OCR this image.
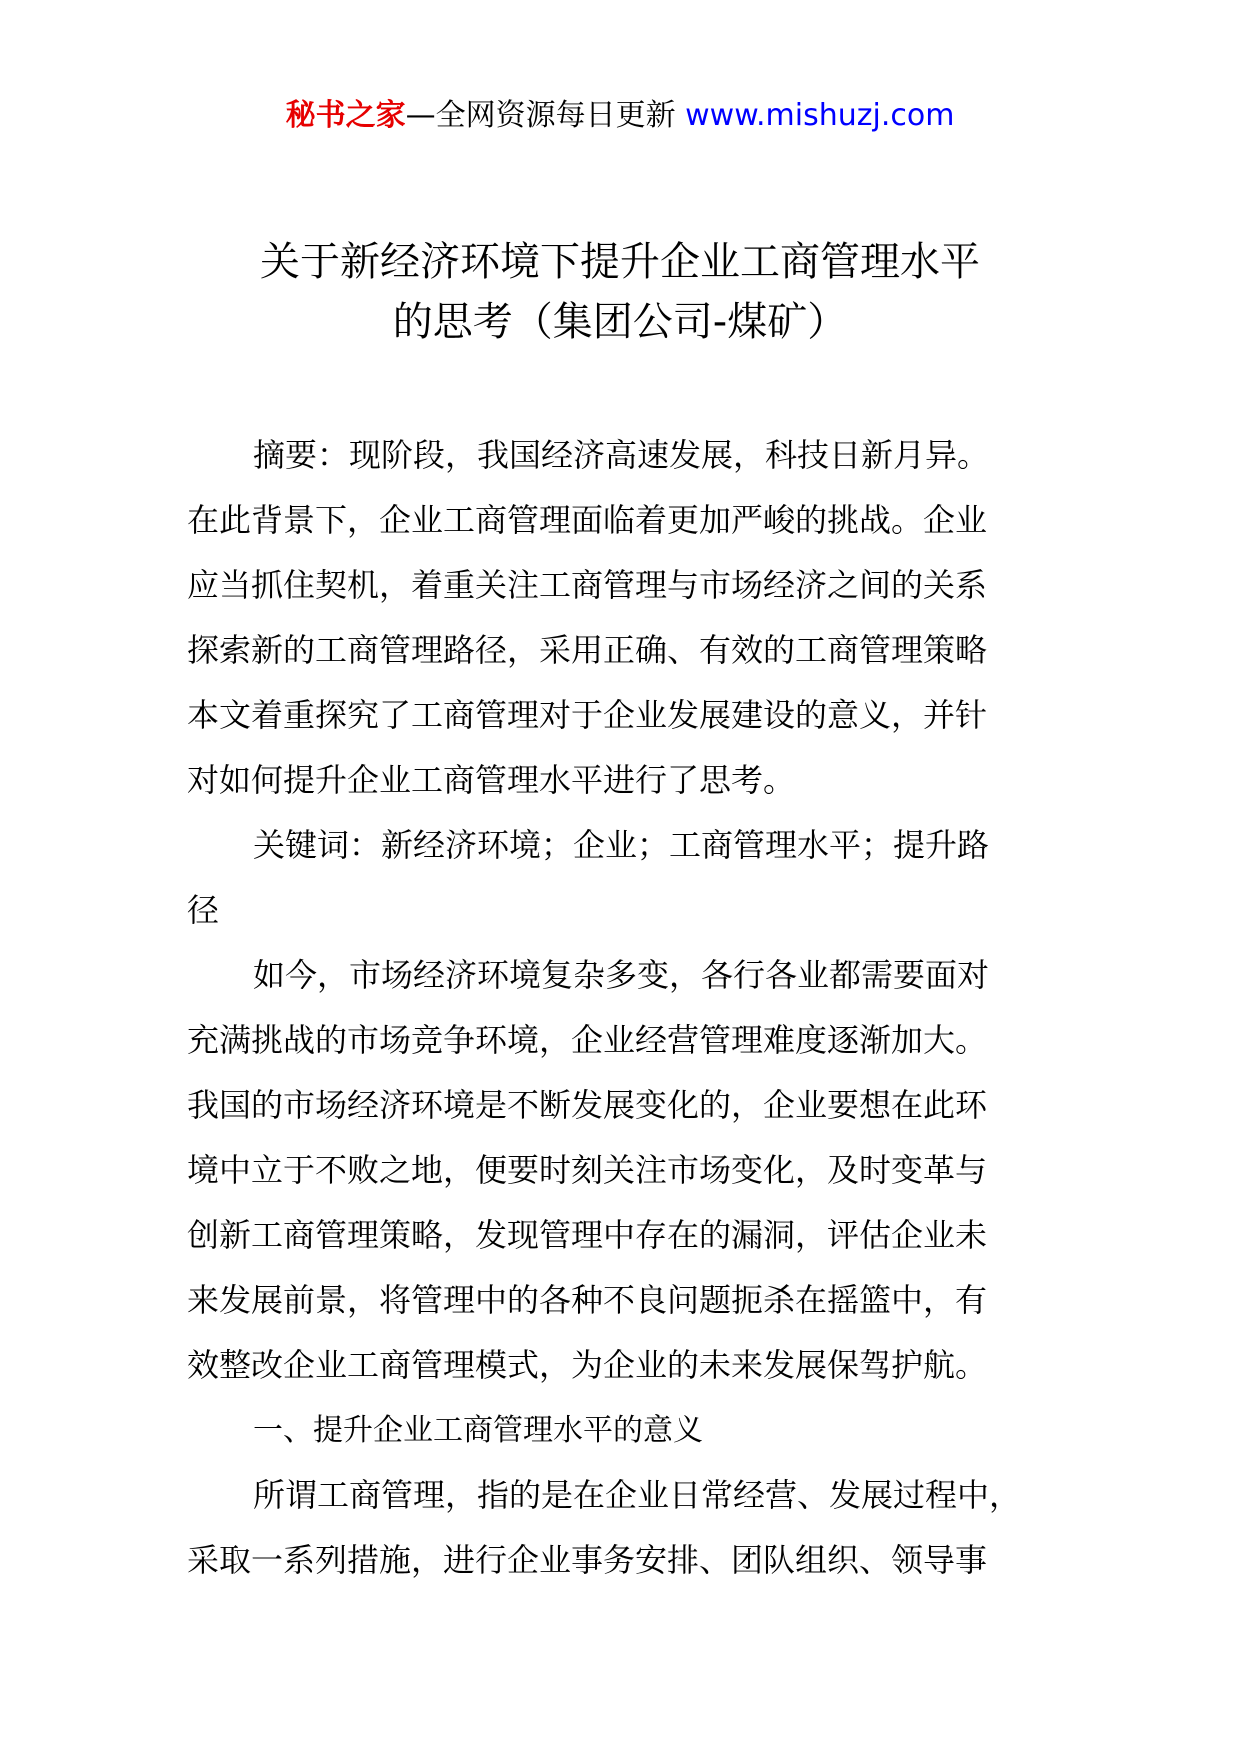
秘书之家—全网资源每日更新 www.mishuzj.com
关于新经济环境下提升企业工商管理水平
的思考（集团公司-煤矿）
摘要：现阶段，我国经济高速发展，科技日新月异。
在此背景下，企业工商管理面临着更加严峻的挑战。企业
应当抓住契机，着重关注工商管理与市场经济之间的关系
探索新的工商管理路径，采用正确、有效的工商管理策略
本文着重探究了工商管理对于企业发展建设的意义，并针
对如何提升企业工商管理水平进行了思考。
关键词：新经济环境；企业；工商管理水平；提升路
径
如今，市场经济环境复杂多变，各行各业都需要面对
充满挑战的市场竞争环境，企业经营管理难度逐渐加大。
我国的市场经济环境是不断发展变化的，企业要想在此环
境中立于不败之地，便要时刻关注市场变化，及时变革与
创新工商管理策略，发现管理中存在的漏洞，评估企业未
来发展前景，将管理中的各种不良问题扼杀在摇篮中，有
效整改企业工商管理模式，为企业的未来发展保驾护航。
一、提升企业工商管理水平的意义
所谓工商管理，指的是在企业日常经营、发展过程中，
采取一系列措施，进行企业事务安排、团队组织、领导事
